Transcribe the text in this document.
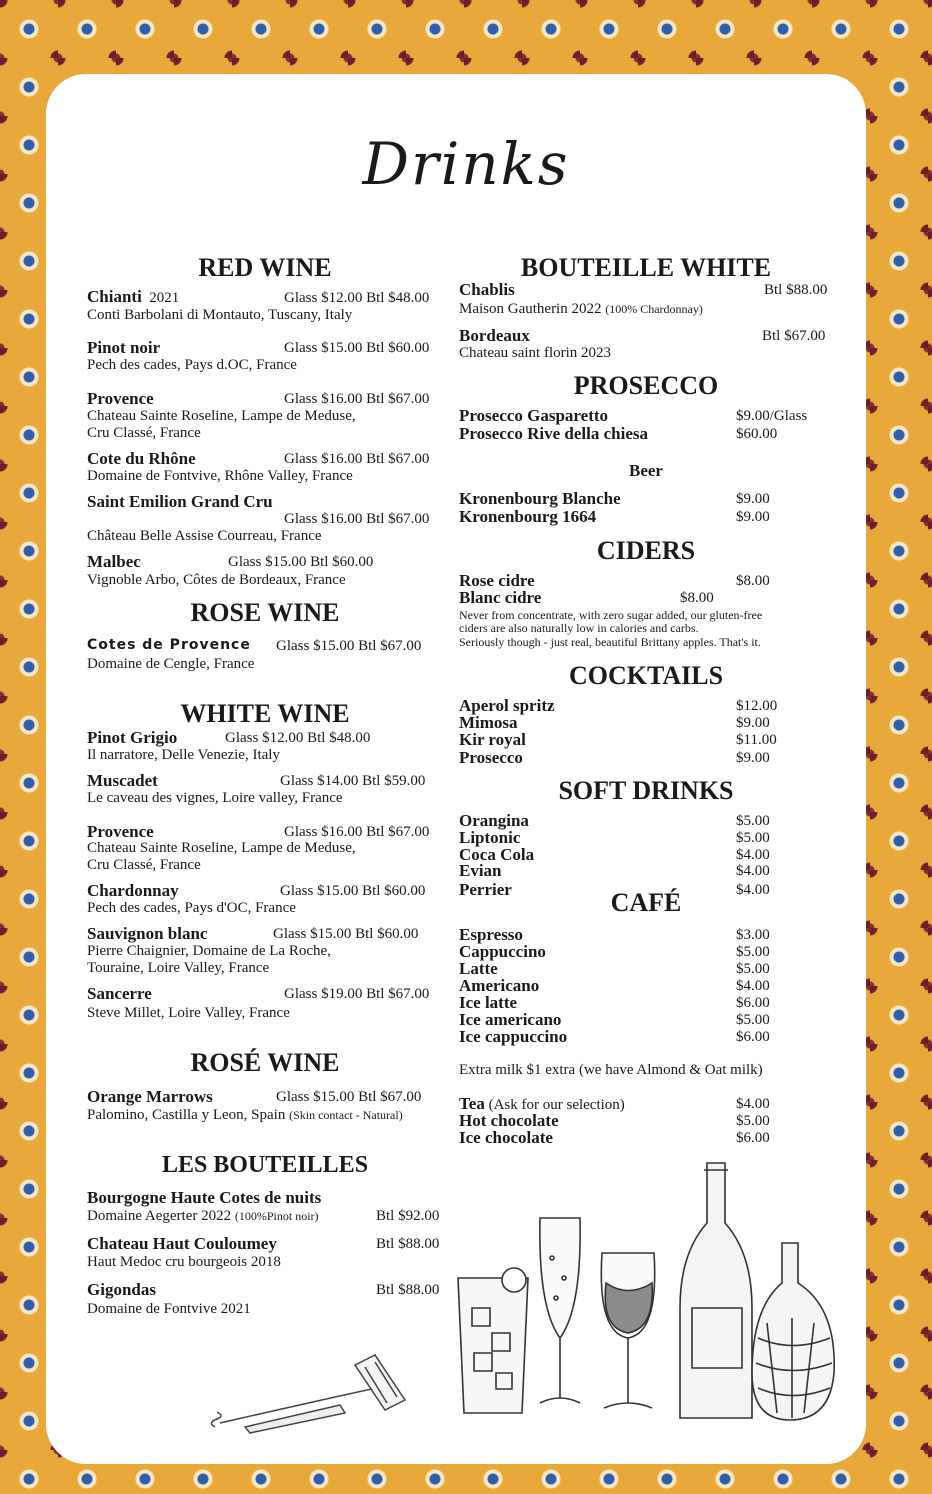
Drinks
RED WINE
Chianti 2021	Glass $12.00 Btl $48.00
Conti Barbolani di Montauto, Tuscany, Italy
Pinot noir	Glass $15.00 Btl $60.00
Pech des cades, Pays d.OC, France
Provence	Glass $16.00 Btl $67.00
Chateau Sainte Roseline, Lampe de Meduse,
Cru Classé, France
Cote du Rhône	Glass $16.00 Btl $67.00
Domaine de Fontvive, Rhône Valley, France
Saint Emilion Grand Cru
Glass $16.00 Btl $67.00
Château Belle Assise Courreau, France
Malbec	Glass $15.00 Btl $60.00
Vignoble Arbo, Côtes de Bordeaux, France
ROSE WINE
Cotes de Provence Glass $15.00 Btl $67.00
Domaine de Cengle, France
WHITE WINE
Pinot Grigio	Glass $12.00 Btl $48.00
Il narratore, Delle Venezie, Italy
Muscadet	Glass $14.00 Btl $59.00
Le caveau des vignes, Loire valley, France
Provence	Glass $16.00 Btl $67.00
Chateau Sainte Roseline, Lampe de Meduse,
Cru Classé, France
Chardonnay	Glass $15.00 Btl $60.00
Pech des cades, Pays d'OC, France
Sauvignon blanc	Glass $15.00 Btl $60.00
Pierre Chaignier, Domaine de La Roche,
Touraine, Loire Valley, France
Sancerre	Glass $19.00 Btl $67.00
Steve Millet, Loire Valley, France
ROSÉ WINE
Orange Marrows	Glass $15.00 Btl $67.00
Palomino, Castilla y Leon, Spain (Skin contact - Natural)
LES BOUTEILLES
Bourgogne Haute Cotes de nuits
Domaine Aegerter 2022 (100%Pinot noir)	Btl $92.00
Chateau Haut Couloumey	Btl $88.00
Haut Medoc cru bourgeois 2018
Gigondas	Btl $88.00
Domaine de Fontvive 2021
BOUTEILLE WHITE
Chablis	Btl $88.00
Maison Gautherin 2022 (100% Chardonnay)
Bordeaux	Btl $67.00
Chateau saint florin 2023
PROSECCO
Prosecco Gasparetto	$9.00/Glass
Prosecco Rive della chiesa	$60.00
Beer
Kronenbourg Blanche	$9.00
Kronenbourg 1664	$9.00
CIDERS
Rose cidre	$8.00
Blanc cidre	$8.00
Never from concentrate, with zero sugar added, our gluten-free
ciders are also naturally low in calories and carbs.
Seriously though - just real, beautiful Brittany apples. That's it.
COCKTAILS
Aperol spritz	$12.00
Mimosa	$9.00
Kir royal	$11.00
Prosecco	$9.00
SOFT DRINKS
Orangina	$5.00
Liptonic	$5.00
Coca Cola	$4.00
Evian	$4.00
Perrier	$4.00
CAFÉ
Espresso	$3.00
Cappuccino	$5.00
Latte	$5.00
Americano	$4.00
Ice latte	$6.00
Ice americano	$5.00
Ice cappuccino	$6.00
Extra milk $1 extra (we have Almond & Oat milk)
Tea (Ask for our selection)	$4.00
Hot chocolate	$5.00
Ice chocolate	$6.00
